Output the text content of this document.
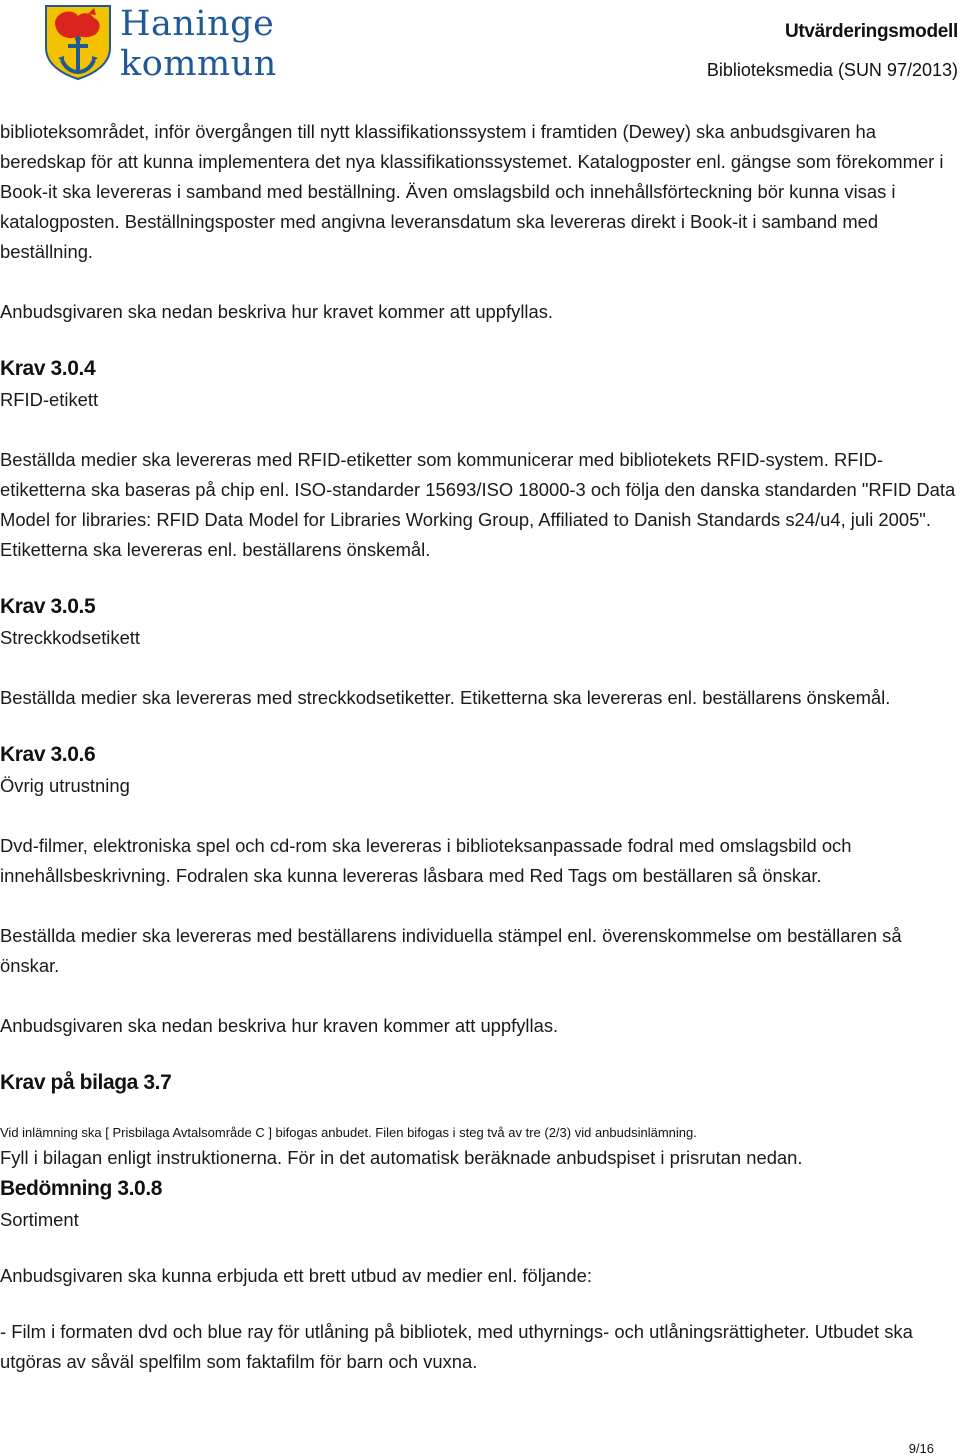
Haninge
kommun
Utvärderingsmodell
Biblioteksmedia (SUN 97/2013)

biblioteksområdet, inför övergången till nytt klassifikationssystem i framtiden (Dewey) ska anbudsgivaren ha beredskap för att kunna implementera det nya klassifikationssystemet. Katalogposter enl. gängse som förekommer i Book-it ska levereras i samband med beställning. Även omslagsbild och innehållsförteckning bör kunna visas i katalogposten. Beställningsposter med angivna leveransdatum ska levereras direkt i Book-it i samband med beställning.

Anbudsgivaren ska nedan beskriva hur kravet kommer att uppfyllas.

Krav 3.0.4

RFID-etikett

Beställda medier ska levereras med RFID-etiketter som kommunicerar med bibliotekets RFID-system. RFID-etiketterna ska baseras på chip enl. ISO-standarder 15693/ISO 18000-3 och följa den danska standarden "RFID Data Model for libraries: RFID Data Model for Libraries Working Group, Affiliated to Danish Standards s24/u4, juli 2005".

Etiketterna ska levereras enl. beställarens önskemål.

Krav 3.0.5

Streckkodsetikett

Beställda medier ska levereras med streckkodsetiketter. Etiketterna ska levereras enl. beställarens önskemål.

Krav 3.0.6

Övrig utrustning

Dvd-filmer, elektroniska spel och cd-rom ska levereras i biblioteksanpassade fodral med omslagsbild och innehållsbeskrivning. Fodralen ska kunna levereras låsbara med Red Tags om beställaren så önskar.

Beställda medier ska levereras med beställarens individuella stämpel enl. överenskommelse om beställaren så önskar.

Anbudsgivaren ska nedan beskriva hur kraven kommer att uppfyllas.

Krav på bilaga 3.7

Vid inlämning ska [ Prisbilaga Avtalsområde C ] bifogas anbudet. Filen bifogas i steg två av tre (2/3) vid anbudsinlämning.

Fyll i bilagan enligt instruktionerna. För in det automatisk beräknade anbudspiset i prisrutan nedan.

Bedömning 3.0.8

Sortiment

Anbudsgivaren ska kunna erbjuda ett brett utbud av medier enl. följande:

- Film i formaten dvd och blue ray för utlåning på bibliotek, med uthyrnings- och utlåningsrättigheter. Utbudet ska utgöras av såväl spelfilm som faktafilm för barn och vuxna.

9/16
